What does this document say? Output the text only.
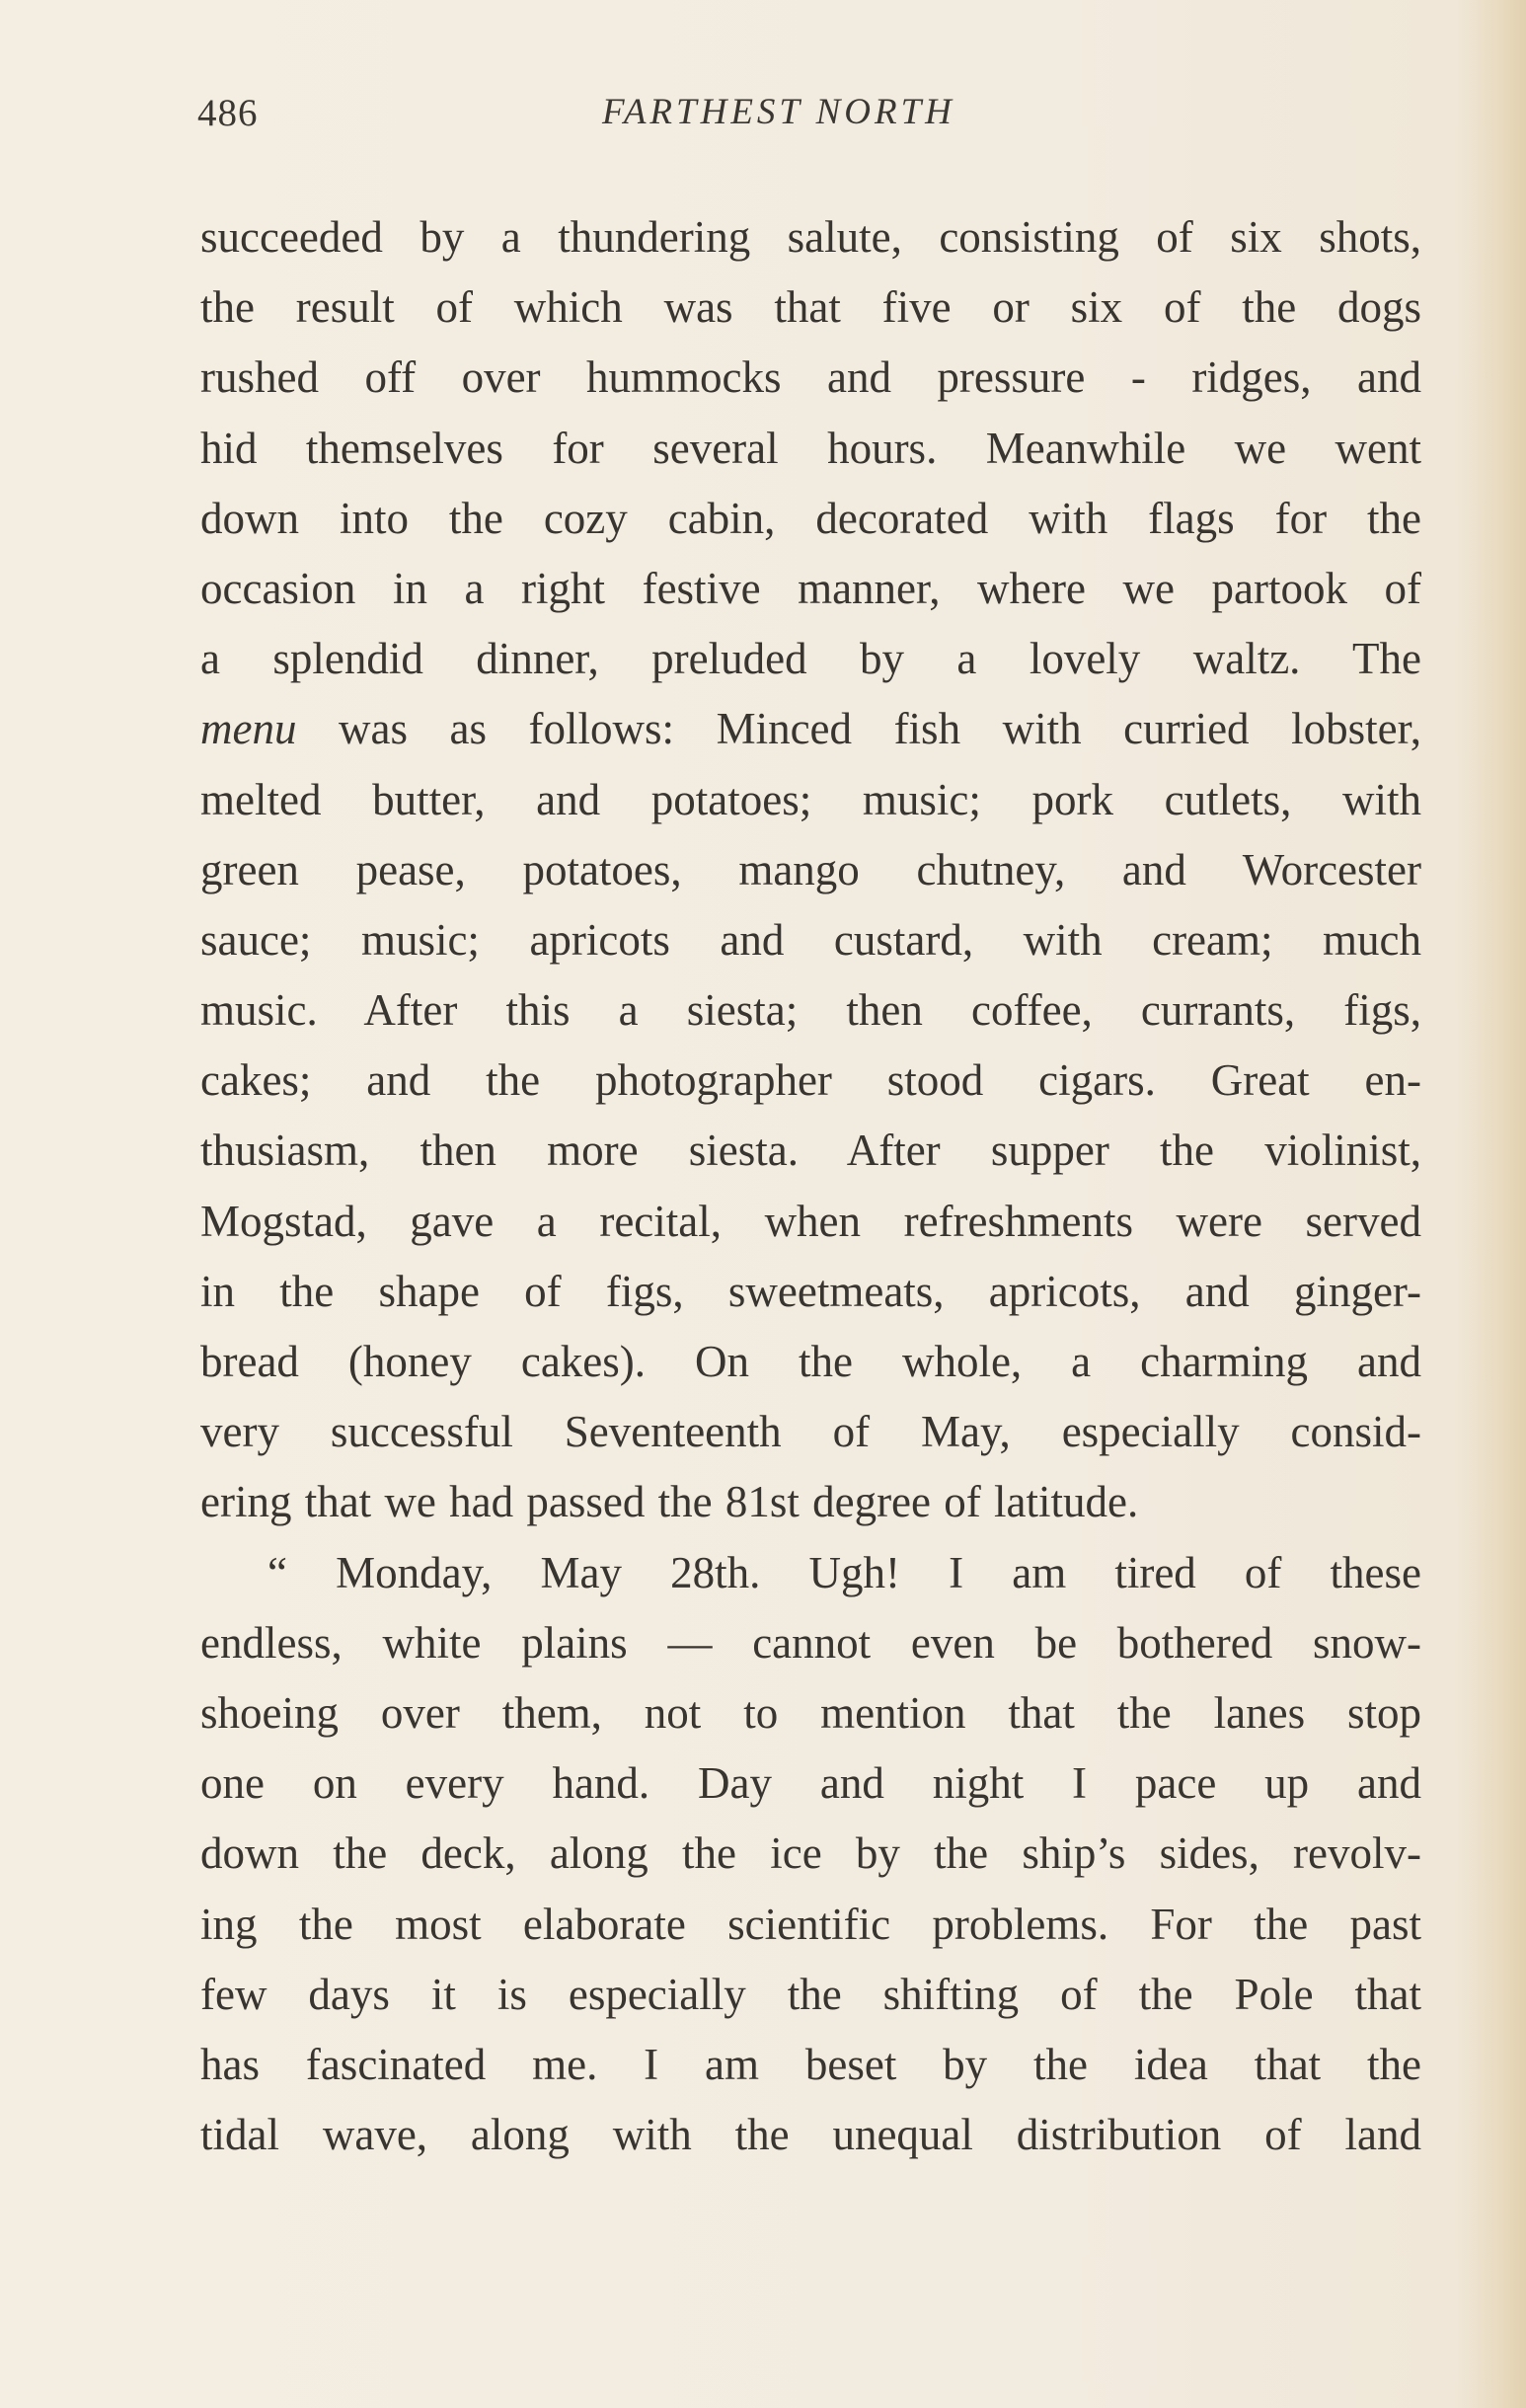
486	FARTHEST NORTH
succeeded by a thundering salute, consisting of six shots,
the result of which was that five or six of the dogs
rushed off over hummocks and pressure - ridges, and
hid themselves for several hours. Meanwhile we went
down into the cozy cabin, decorated with flags for the
occasion in a right festive manner, where we partook of
a splendid dinner, preluded by a lovely waltz. The
menu was as follows: Minced fish with curried lobster,
melted butter, and potatoes; music; pork cutlets, with
green pease, potatoes, mango chutney, and Worcester
sauce; music; apricots and custard, with cream; much
music. After this a siesta; then coffee, currants, figs,
cakes; and the photographer stood cigars. Great en-
thusiasm, then more siesta. After supper the violinist,
Mogstad, gave a recital, when refreshments were served
in the shape of figs, sweetmeats, apricots, and ginger-
bread (honey cakes). On the whole, a charming and
very successful Seventeenth of May, especially consid-
ering that we had passed the 81st degree of latitude.
“ Monday, May 28th. Ugh! I am tired of these
endless, white plains — cannot even be bothered snow-
shoeing over them, not to mention that the lanes stop
one on every hand. Day and night I pace up and
down the deck, along the ice by the ship’s sides, revolv-
ing the most elaborate scientific problems. For the past
few days it is especially the shifting of the Pole that
has fascinated me. I am beset by the idea that the
tidal wave, along with the unequal distribution of land
